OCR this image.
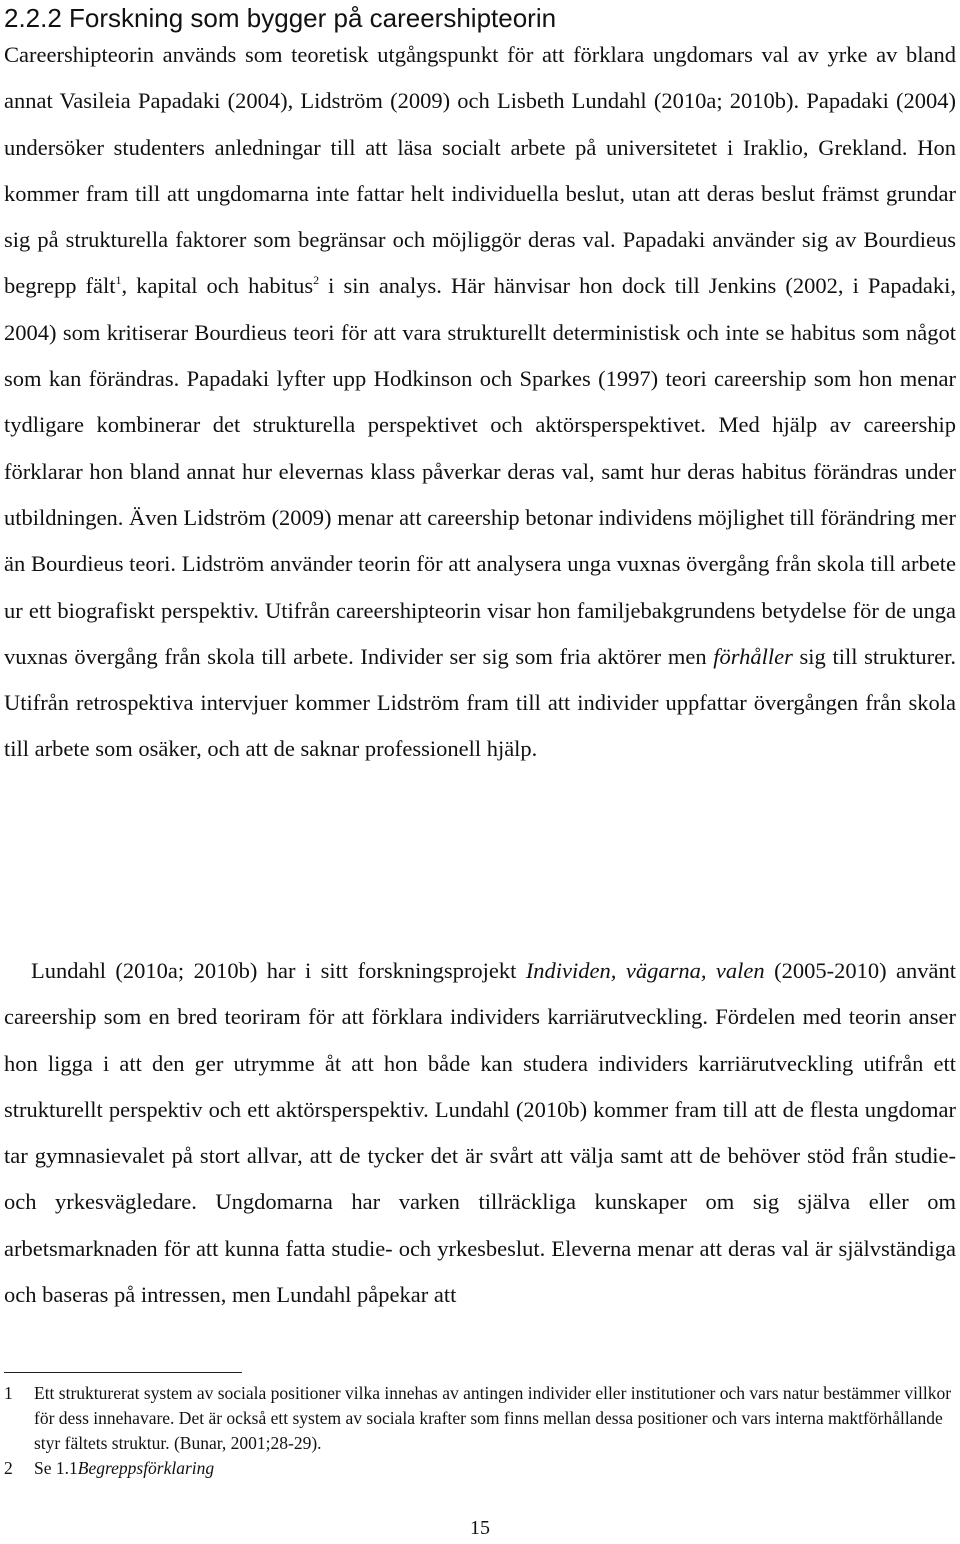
2.2.2 Forskning som bygger på careershipteorin

Careershipteorin används som teoretisk utgångspunkt för att förklara ungdomars val av yrke av bland annat Vasileia Papadaki (2004), Lidström (2009) och Lisbeth Lundahl (2010a; 2010b). Papadaki (2004) undersöker studenters anledningar till att läsa socialt arbete på universitetet i Iraklio, Grekland. Hon kommer fram till att ungdomarna inte fattar helt individuella beslut, utan att deras beslut främst grundar sig på strukturella faktorer som begränsar och möjliggör deras val. Papadaki använder sig av Bourdieus begrepp fält$^1$, kapital och habitus$^2$ i sin analys. Här hänvisar hon dock till Jenkins (2002, i Papadaki, 2004) som kritiserar Bourdieus teori för att vara strukturellt deterministisk och inte se habitus som något som kan förändras. Papadaki lyfter upp Hodkinson och Sparkes (1997) teori careership som hon menar tydligare kombinerar det strukturella perspektivet och aktörsperspektivet. Med hjälp av careership förklarar hon bland annat hur elevernas klass påverkar deras val, samt hur deras habitus förändras under utbildningen. Även Lidström (2009) menar att careership betonar individens möjlighet till förändring mer än Bourdieus teori. Lidström använder teorin för att analysera unga vuxnas övergång från skola till arbete ur ett biografiskt perspektiv. Utifrån careershipteorin visar hon familjebakgrundens betydelse för de unga vuxnas övergång från skola till arbete. Individer ser sig som fria aktörer men förhåller sig till strukturer. Utifrån retrospektiva intervjuer kommer Lidström fram till att individer uppfattar övergången från skola till arbete som osäker, och att de saknar professionell hjälp.

Lundahl (2010a; 2010b) har i sitt forskningsprojekt Individen, vägarna, valen (2005-2010) använt careership som en bred teoriram för att förklara individers karriärutveckling. Fördelen med teorin anser hon ligga i att den ger utrymme åt att hon både kan studera individers karriärutveckling utifrån ett strukturellt perspektiv och ett aktörsperspektiv. Lundahl (2010b) kommer fram till att de flesta ungdomar tar gymnasievalet på stort allvar, att de tycker det är svårt att välja samt att de behöver stöd från studie- och yrkesvägledare. Ungdomarna har varken tillräckliga kunskaper om sig själva eller om arbetsmarknaden för att kunna fatta studie- och yrkesbeslut. Eleverna menar att deras val är självständiga och baseras på intressen, men Lundahl påpekar att

1	Ett strukturerat system av sociala positioner vilka innehas av antingen individer eller institutioner och vars natur bestämmer villkor för dess innehavare. Det är också ett system av sociala krafter som finns mellan dessa positioner och vars interna maktförhållande styr fältets struktur. (Bunar, 2001;28-29).
2	Se 1.1Begreppsförklaring
15
